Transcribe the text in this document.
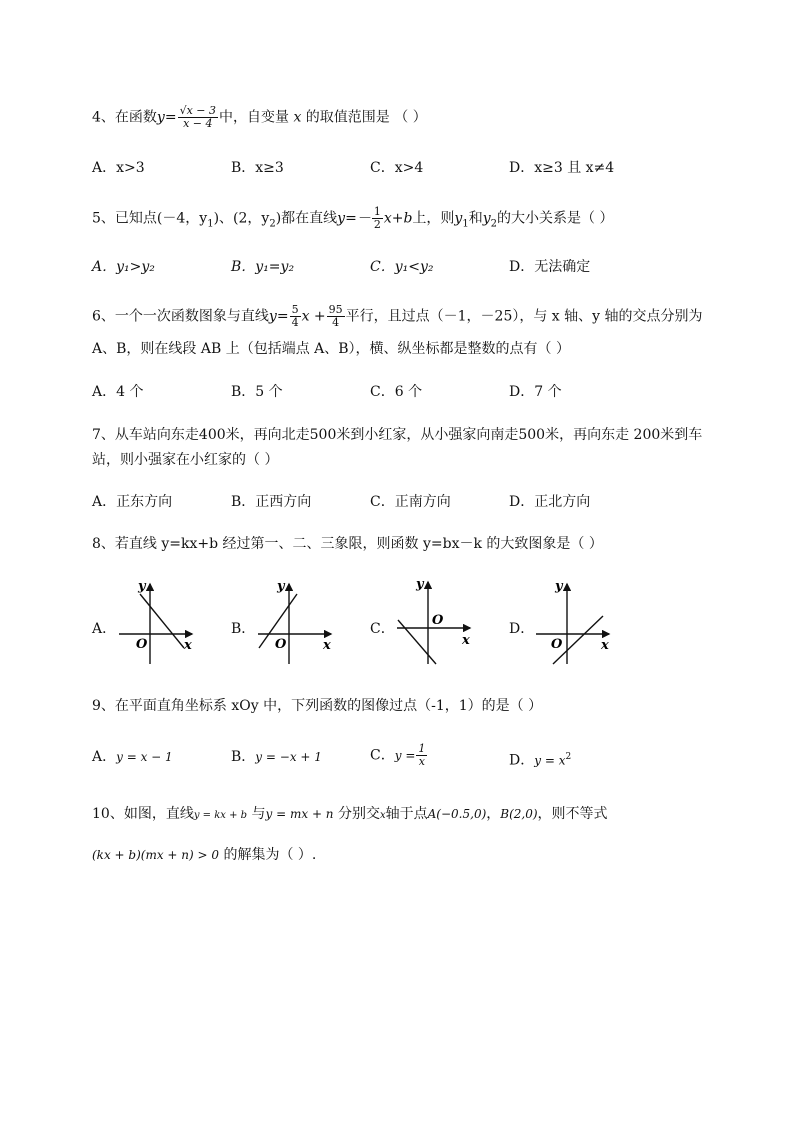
4、在函数$y= \frac{√x - 3}{x - 4}$ 中，自变量 x 的取值范围是 （ ）
A．x>3	B．x≥3	C．x>4	D．x≥3 且 x≠4
5、已知点(－4，$y_1$)、(2，$y_2$)都在直线$y=- \frac{1}{2} x+b$上，则$y_1$和$y_2$的大小关系是（ ）
A．y₁>y₂	B．y₁=y₂	C．y₁<y₂	D．无法确定
6、一个一次函数图象与直线$y= \frac{5}{4}$ $x + \frac{95}{4}$ 平行，且过点（－1，－25），与 x 轴、y 轴的交点分别为
A、B，则在线段 AB 上（包括端点 A、B），横、纵坐标都是整数的点有（ ）
A．4 个	B．5 个	C．6 个	D．7 个
7、从车站向东走400米，再向北走500米到小红家，从小强家向南走500米，再向东走 200米到车
站，则小强家在小红家的（ ）
A．正东方向	B．正西方向	C．正南方向	D．正北方向
8、若直线 y=kx+b 经过第一、二、三象限，则函数 y=bx－k 的大致图象是（ ）
A．
y
x
O
B．
y
x
O
C．
y
x
O
D．
y
x
O
9、在平面直角坐标系 xOy 中，下列函数的图像过点（-1，1）的是（ ）
A．y = x − 1	B．y = −x + 1	C．$y = \frac{1}{x}$	D．$y = x^2$
10、如图，直线y = kx + b 与y = mx + n 分别交x轴于点A(−0.5,0)，B(2,0)，则不等式
(kx + b)(mx + n) > 0 的解集为（ ）.
